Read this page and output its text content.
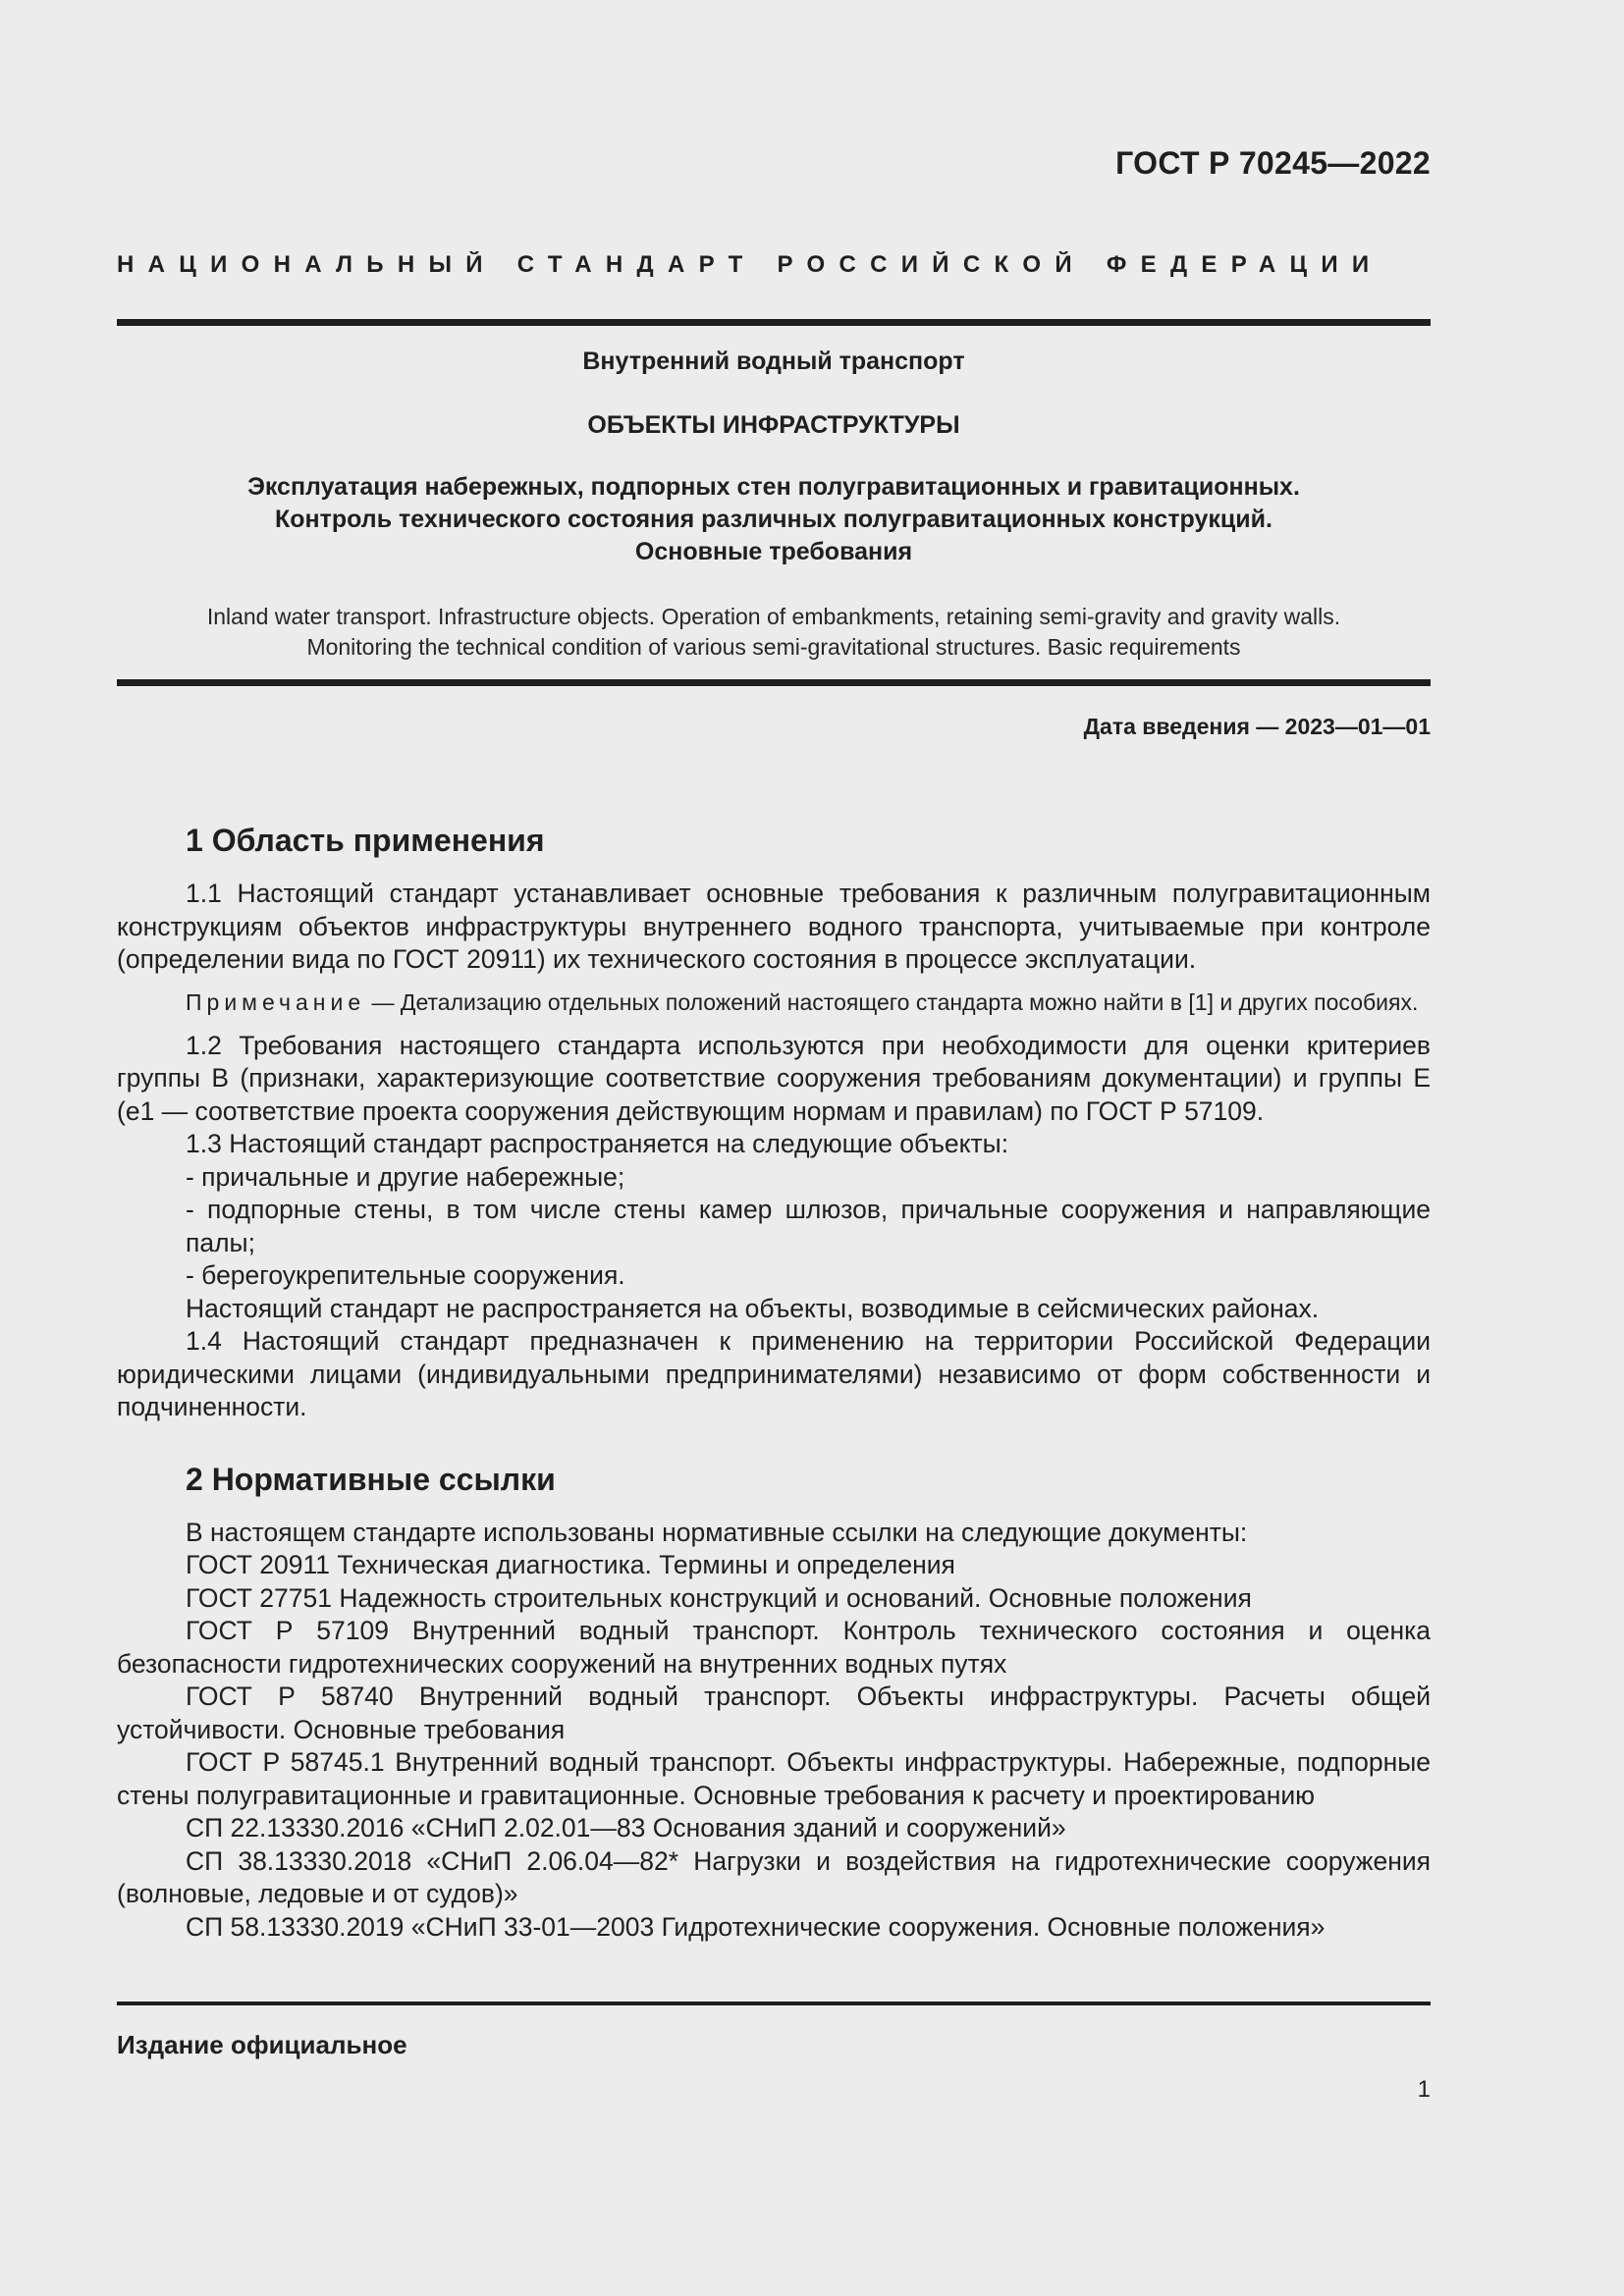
ГОСТ Р 70245—2022
НАЦИОНАЛЬНЫЙ СТАНДАРТ РОССИЙСКОЙ ФЕДЕРАЦИИ
Внутренний водный транспорт
ОБЪЕКТЫ ИНФРАСТРУКТУРЫ
Эксплуатация набережных, подпорных стен полугравитационных и гравитационных.
Контроль технического состояния различных полугравитационных конструкций.
Основные требования
Inland water transport. Infrastructure objects. Operation of embankments, retaining semi-gravity and gravity walls.
Monitoring the technical condition of various semi-gravitational structures. Basic requirements
Дата введения — 2023—01—01
1 Область применения

1.1 Настоящий стандарт устанавливает основные требования к различным полугравитационным конструкциям объектов инфраструктуры внутреннего водного транспорта, учитываемые при контроле (определении вида по ГОСТ 20911) их технического состояния в процессе эксплуатации.

Примечание — Детализацию отдельных положений настоящего стандарта можно найти в [1] и других пособиях.

1.2 Требования настоящего стандарта используются при необходимости для оценки критериев группы В (признаки, характеризующие соответствие сооружения требованиям документации) и группы Е (е1 — соответствие проекта сооружения действующим нормам и правилам) по ГОСТ Р 57109.

1.3 Настоящий стандарт распространяется на следующие объекты:

- причальные и другие набережные;

- подпорные стены, в том числе стены камер шлюзов, причальные сооружения и направляющие палы;

- берегоукрепительные сооружения.

Настоящий стандарт не распространяется на объекты, возводимые в сейсмических районах.

1.4 Настоящий стандарт предназначен к применению на территории Российской Федерации юридическими лицами (индивидуальными предпринимателями) независимо от форм собственности и подчиненности.

2 Нормативные ссылки

В настоящем стандарте использованы нормативные ссылки на следующие документы:

ГОСТ 20911 Техническая диагностика. Термины и определения

ГОСТ 27751 Надежность строительных конструкций и оснований. Основные положения

ГОСТ Р 57109 Внутренний водный транспорт. Контроль технического состояния и оценка безопасности гидротехнических сооружений на внутренних водных путях

ГОСТ Р 58740 Внутренний водный транспорт. Объекты инфраструктуры. Расчеты общей устойчивости. Основные требования

ГОСТ Р 58745.1 Внутренний водный транспорт. Объекты инфраструктуры. Набережные, подпорные стены полугравитационные и гравитационные. Основные требования к расчету и проектированию

СП 22.13330.2016 «СНиП 2.02.01—83 Основания зданий и сооружений»

СП 38.13330.2018 «СНиП 2.06.04—82* Нагрузки и воздействия на гидротехнические сооружения (волновые, ледовые и от судов)»

СП 58.13330.2019 «СНиП 33-01—2003 Гидротехнические сооружения. Основные положения»

Издание официальное
1
